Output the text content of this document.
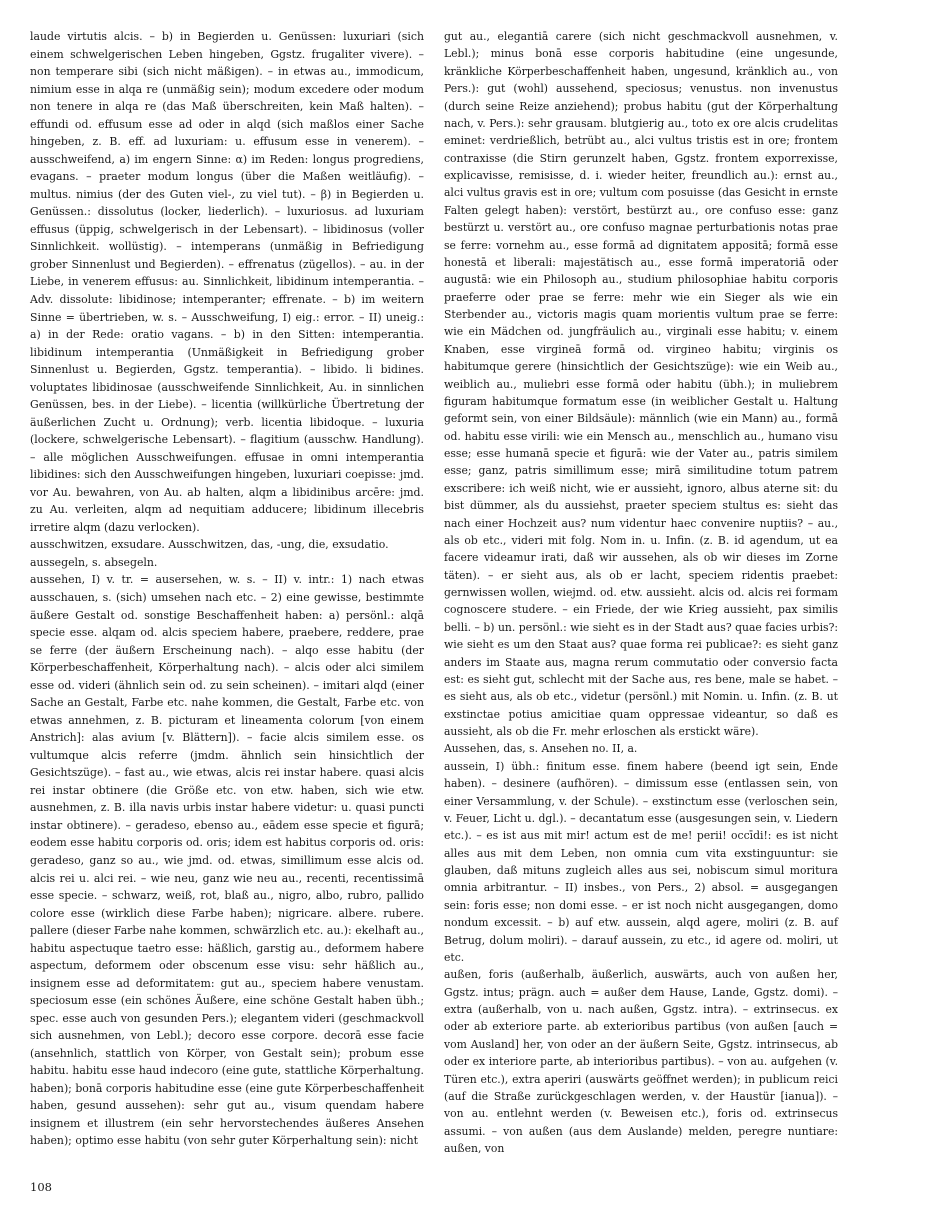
laude virtutis alcis. – b) in Begierden u. Genüssen: luxuriari (sich einem schwelgerischen Leben hingeben, Ggstz. frugaliter vivere). – non temperare sibi (sich nicht mäßigen). – in etwas au., immodicum, nimium esse in alqa re (unmäßig sein); modum excedere oder modum non tenere in alqa re (das Maß überschreiten, kein Maß halten). – effundi od. effusum esse ad oder in alqd (sich maßlos einer Sache hingeben, z. B. eff. ad luxuriam: u. effusum esse in venerem). – ausschweifend, a) im engern Sinne: α) im Reden: longus progrediens, evagans. – praeter modum longus (über die Maßen weitläufig). – multus. nimius (der des Guten viel-, zu viel tut). – β) in Begierden u. Genüssen.: dissolutus (locker, liederlich). – luxuriosus. ad luxuriam effusus (üppig, schwelgerisch in der Lebensart). – libidinosus (voller Sinnlichkeit. wollüstig). – intemperans (unmäßig in Befriedigung grober Sinnenlust und Begierden). – effrenatus (zügellos). – au. in der Liebe, in venerem effusus: au. Sinnlichkeit, libidinum intemperantia. – Adv. dissolute: libidinose; intemperanter; effrenate. – b) im weitern Sinne = übertrieben, w. s. – Ausschweifung, I) eig.: error. – II) uneig.: a) in der Rede: oratio vagans. – b) in den Sitten: intemperantia. libidinum intemperantia (Unmäßigkeit in Befriedigung grober Sinnenlust u. Begierden, Ggstz. temperantia). – libido. li bidines. voluptates libidinosae (ausschweifende Sinnlichkeit, Au. in sinnlichen Genüssen, bes. in der Liebe). – licentia (willkürliche Übertretung der äußerlichen Zucht u. Ordnung); verb. licentia libidoque. – luxuria (lockere, schwelgerische Lebensart). – flagitium (ausschw. Handlung). – alle möglichen Ausschweifungen. effusae in omni intemperantia libidines: sich den Ausschweifungen hingeben, luxuriari coepisse: jmd. vor Au. bewahren, von Au. ab halten, alqm a libidinibus arcēre: jmd. zu Au. verleiten, alqm ad nequitiam adducere; libidinum illecebris irretire alqm (dazu verlocken).

ausschwitzen, exsudare. Ausschwitzen, das, -ung, die, exsudatio.

aussegeln, s. absegeln.

aussehen, I) v. tr. = ausersehen, w. s. – II) v. intr.: 1) nach etwas ausschauen, s. (sich) umsehen nach etc. – 2) eine gewisse, bestimmte äußere Gestalt od. sonstige Beschaffenheit haben: a) persönl.: alqā specie esse. alqam od. alcis speciem habere, praebere, reddere, prae se ferre (der äußern Erscheinung nach). – alqo esse habitu (der Körperbeschaffenheit, Körperhaltung nach). – alcis oder alci similem esse od. videri (ähnlich sein od. zu sein scheinen). – imitari alqd (einer Sache an Gestalt, Farbe etc. nahe kommen, die Gestalt, Farbe etc. von etwas annehmen, z. B. picturam et lineamenta colorum [von einem Anstrich]: alas avium [v. Blättern]). – facie alcis similem esse. os vultumque alcis referre (jmdm. ähnlich sein hinsichtlich der Gesichtszüge). – fast au., wie etwas, alcis rei instar habere. quasi alcis rei instar obtinere (die Größe etc. von etw. haben, sich wie etw. ausnehmen, z. B. illa navis urbis instar habere videtur: u. quasi puncti instar obtinere). – geradeso, ebenso au., eādem esse specie et figurā; eodem esse habitu corporis od. oris; idem est habitus corporis od. oris: geradeso, ganz so au., wie jmd. od. etwas, simillimum esse alcis od. alcis rei u. alci rei. – wie neu, ganz wie neu au., recenti, recentissimā esse specie. – schwarz, weiß, rot, blaß au., nigro, albo, rubro, pallido colore esse (wirklich diese Farbe haben); nigricare. albere. rubere. pallere (dieser Farbe nahe kommen, schwärzlich etc. au.): ekelhaft au., habitu aspectuque taetro esse: häßlich, garstig au., deformem habere aspectum, deformem oder obscenum esse visu: sehr häßlich au., insignem esse ad deformitatem: gut au., speciem habere venustam. speciosum esse (ein schönes Äußere, eine schöne Gestalt haben übh.; spec. esse auch von gesunden Pers.); elegantem videri (geschmackvoll sich ausnehmen, von Lebl.); decoro esse corpore. decorā esse facie (ansehnlich, stattlich von Körper, von Gestalt sein); probum esse habitu. habitu esse haud indecoro (eine gute, stattliche Körperhaltung. haben); bonā corporis habitudine esse (eine gute Körperbeschaffenheit haben, gesund aussehen): sehr gut au., visum quendam habere insignem et illustrem (ein sehr hervorstechendes äußeres Ansehen haben); optimo esse habitu (von sehr guter Körperhaltung sein): nicht

gut au., elegantiā carere (sich nicht geschmackvoll ausnehmen, v. Lebl.); minus bonā esse corporis habitudine (eine ungesunde, kränkliche Körperbeschaffenheit haben, ungesund, kränklich au., von Pers.): gut (wohl) aussehend, speciosus; venustus. non invenustus (durch seine Reize anziehend); probus habitu (gut der Körperhaltung nach, v. Pers.): sehr grausam. blutgierig au., toto ex ore alcis crudelitas eminet: verdrießlich, betrübt au., alci vultus tristis est in ore; frontem contraxisse (die Stirn gerunzelt haben, Ggstz. frontem exporrexisse, explicavisse, remisisse, d. i. wieder heiter, freundlich au.): ernst au., alci vultus gravis est in ore; vultum com posuisse (das Gesicht in ernste Falten gelegt haben): verstört, bestürzt au., ore confuso esse: ganz bestürzt u. verstört au., ore confuso magnae perturbationis notas prae se ferre: vornehm au., esse formā ad dignitatem appositā; formā esse honestā et liberali: majestätisch au., esse formā imperatoriā oder augustā: wie ein Philosoph au., studium philosophiae habitu corporis praeferre oder prae se ferre: mehr wie ein Sieger als wie ein Sterbender au., victoris magis quam morientis vultum prae se ferre: wie ein Mädchen od. jungfräulich au., virginali esse habitu; v. einem Knaben, esse virgineā formā od. virgineo habitu; virginis os habitumque gerere (hinsichtlich der Gesichtszüge): wie ein Weib au., weiblich au., muliebri esse formā oder habitu (übh.); in muliebrem figuram habitumque formatum esse (in weiblicher Gestalt u. Haltung geformt sein, von einer Bildsäule): männlich (wie ein Mann) au., formā od. habitu esse virili: wie ein Mensch au., menschlich au., humano visu esse; esse humanā specie et figurā: wie der Vater au., patris similem esse; ganz, patris simillimum esse; mirā similitudine totum patrem exscribere: ich weiß nicht, wie er aussieht, ignoro, albus aterne sit: du bist dümmer, als du aussiehst, praeter speciem stultus es: sieht das nach einer Hochzeit aus? num videntur haec convenire nuptiis? – au., als ob etc., videri mit folg. Nom in. u. Infin. (z. B. id agendum, ut ea facere videamur irati, daß wir aussehen, als ob wir dieses im Zorne täten). – er sieht aus, als ob er lacht, speciem ridentis praebet: gernwissen wollen, wiejmd. od. etw. aussieht. alcis od. alcis rei formam cognoscere studere. – ein Friede, der wie Krieg aussieht, pax similis belli. – b) un. persönl.: wie sieht es in der Stadt aus? quae facies urbis?: wie sieht es um den Staat aus? quae forma rei publicae?: es sieht ganz anders im Staate aus, magna rerum commutatio oder conversio facta est: es sieht gut, schlecht mit der Sache aus, res bene, male se habet. – es sieht aus, als ob etc., videtur (persönl.) mit Nomin. u. Infin. (z. B. ut exstinctae potius amicitiae quam oppressae videantur, so daß es aussieht, als ob die Fr. mehr erloschen als erstickt wäre).

Aussehen, das, s. Ansehen no. II, a.

aussein, I) übh.: finitum esse. finem habere (beend igt sein, Ende haben). – desinere (aufhören). – dimissum esse (entlassen sein, von einer Versammlung, v. der Schule). – exstinctum esse (verloschen sein, v. Feuer, Licht u. dgl.). – decantatum esse (ausgesungen sein, v. Liedern etc.). – es ist aus mit mir! actum est de me! perii! occīdi!: es ist nicht alles aus mit dem Leben, non omnia cum vita exstinguuntur: sie glauben, daß mituns zugleich alles aus sei, nobiscum simul moritura omnia arbitrantur. – II) insbes., von Pers., 2) absol. = ausgegangen sein: foris esse; non domi esse. – er ist noch nicht ausgegangen, domo nondum excessit. – b) auf etw. aussein, alqd agere, moliri (z. B. auf Betrug, dolum moliri). – darauf aussein, zu etc., id agere od. moliri, ut etc.

außen, foris (außerhalb, äußerlich, auswärts, auch von außen her, Ggstz. intus; prägn. auch = außer dem Hause, Lande, Ggstz. domi). – extra (außerhalb, von u. nach außen, Ggstz. intra). – extrinsecus. ex oder ab exteriore parte. ab exterioribus partibus (von außen [auch = vom Ausland] her, von oder an der äußern Seite, Ggstz. intrinsecus, ab oder ex interiore parte, ab interioribus partibus). – von au. aufgehen (v. Türen etc.), extra aperiri (auswärts geöffnet werden); in publicum reici (auf die Straße zurückgeschlagen werden, v. der Haustür [ianua]). – von au. entlehnt werden (v. Beweisen etc.), foris od. extrinsecus assumi. – von außen (aus dem Auslande) melden, peregre nuntiare: außen, von

108
